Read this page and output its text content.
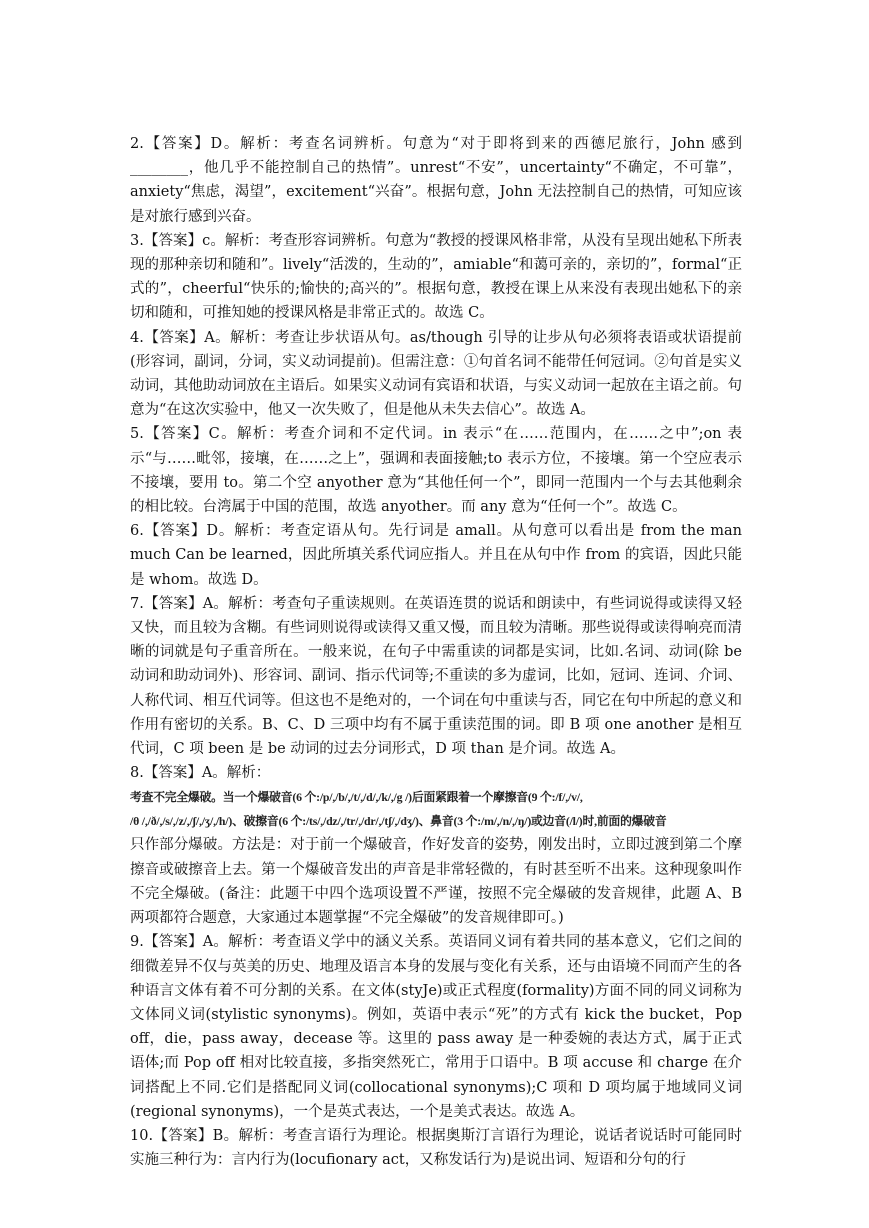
2.【答案】D。解析：考查名词辨析。句意为“对于即将到来的西德尼旅行，John 感到________，他几乎不能控制自己的热情”。unrest“不安”，uncertainty“不确定，不可靠”，anxiety“焦虑，渴望”，excitement“兴奋”。根据句意，John 无法控制自己的热情，可知应该是对旅行感到兴奋。

3.【答案】c。解析：考查形容词辨析。句意为“教授的授课风格非常，从没有呈现出她私下所表现的那种亲切和随和”。lively“活泼的，生动的”，amiable“和蔼可亲的，亲切的”，formal“正式的”，cheerful“快乐的;愉快的;高兴的”。根据句意，教授在课上从来没有表现出她私下的亲切和随和，可推知她的授课风格是非常正式的。故选 C。

4.【答案】A。解析：考查让步状语从句。as/though 引导的让步从句必须将表语或状语提前(形容词，副词，分词，实义动词提前)。但需注意：①句首名词不能带任何冠词。②句首是实义动词，其他助动词放在主语后。如果实义动词有宾语和状语，与实义动词一起放在主语之前。句意为“在这次实验中，他又一次失败了，但是他从未失去信心”。故选 A。

5.【答案】C。解析：考查介词和不定代词。in 表示“在……范围内，在……之中”;on 表示“与……毗邻，接壤，在……之上”，强调和表面接触;to 表示方位，不接壤。第一个空应表示不接壤，要用 to。第二个空 anyother 意为“其他任何一个”，即同一范围内一个与去其他剩余的相比较。台湾属于中国的范围，故选 anyother。而 any 意为“任何一个”。故选 C。

6.【答案】D。解析：考查定语从句。先行词是 amall。从句意可以看出是 from the man much Can be learned，因此所填关系代词应指人。并且在从句中作 from 的宾语，因此只能是 whom。故选 D。

7.【答案】A。解析：考查句子重读规则。在英语连贯的说话和朗读中，有些词说得或读得又轻又快，而且较为含糊。有些词则说得或读得又重又慢，而且较为清晰。那些说得或读得响亮而清晰的词就是句子重音所在。一般来说，在句子中需重读的词都是实词，比如.名词、动词(除 be 动词和助动词外)、形容词、副词、指示代词等;不重读的多为虚词，比如，冠词、连词、介词、人称代词、相互代词等。但这也不是绝对的，一个词在句中重读与否，同它在句中所起的意义和作用有密切的关系。B、C、D 三项中均有不属于重读范围的词。即 B 项 one another 是相互代词，C 项 been 是 be 动词的过去分词形式，D 项 than 是介词。故选 A。

8.【答案】A。解析：

考查不完全爆破。当一个爆破音(6 个:/p/,/b/,/t/,/d/,/k/,/g /)后面紧跟着一个摩擦音(9 个:/f/,/v/,
/θ /,/ð/,/s/,/z/,/ʃ/,/ʒ/,/h/)、破擦音(6 个:/ts/,/dz/,/tr/,/dr/,/tʃ/,/dʒ/)、鼻音(3 个:/m/,/n/,/ŋ/)或边音(/l/)时,前面的爆破音

只作部分爆破。方法是：对于前一个爆破音，作好发音的姿势，刚发出时，立即过渡到第二个摩擦音或破擦音上去。第一个爆破音发出的声音是非常轻微的，有时甚至听不出来。这种现象叫作不完全爆破。(备注：此题干中四个选项设置不严谨，按照不完全爆破的发音规律，此题 A、B 两项都符合题意，大家通过本题掌握“不完全爆破”的发音规律即可。)

9.【答案】A。解析：考查语义学中的涵义关系。英语同义词有着共同的基本意义，它们之间的细微差异不仅与英美的历史、地理及语言本身的发展与变化有关系，还与由语境不同而产生的各种语言文体有着不可分割的关系。在文体(styJe)或正式程度(formality)方面不同的同义词称为文体同义词(stylistic synonyms)。例如，英语中表示“死”的方式有 kick the bucket，Pop off，die，pass away，decease 等。这里的 pass away 是一种委婉的表达方式，属于正式语体;而 Pop off 相对比较直接，多指突然死亡，常用于口语中。B 项 accuse 和 charge 在介词搭配上不同.它们是搭配同义词(collocational synonyms);C 项和 D 项均属于地域同义词(regional synonyms)，一个是英式表达，一个是美式表达。故选 A。

10.【答案】B。解析：考查言语行为理论。根据奥斯汀言语行为理论，说话者说话时可能同时实施三种行为：言内行为(locufionary act，又称发话行为)是说出词、短语和分句的行
